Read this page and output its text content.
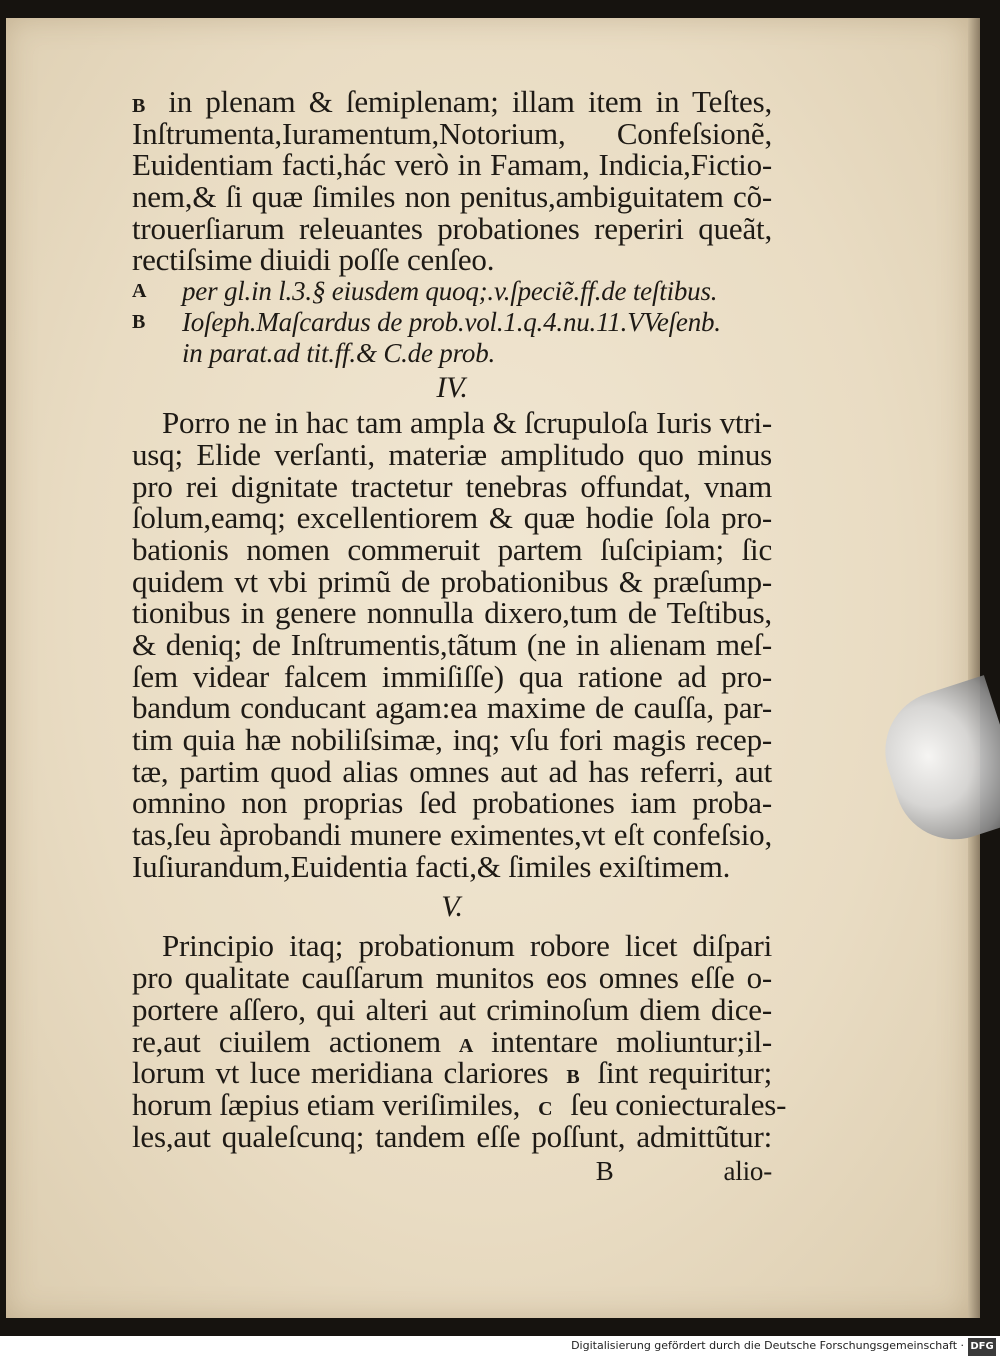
B in plenam & ſemiplenam; illam item in Teſtes,
Inſtrumenta,Iuramentum,Notorium, Confeſsionẽ,
Euidentiam facti,hác verò in Famam, Indicia,Fictio-
nem,& ſi quæ ſimiles non penitus,ambiguitatem cõ-
trouerſiarum releuantes probationes reperiri queãt,
rectiſsime diuidi poſſe cenſeo.
A	per gl.in l.3.§ eiusdem quoq;.v.ſpeciẽ.ff.de teſtibus.
B	Ioſeph.Maſcardus de prob.vol.1.q.4.nu.11.VVeſenb.
in parat.ad tit.ff.& C.de prob.
IV.
Porro ne in hac tam ampla & ſcrupuloſa Iuris vtri-
usq; Elide verſanti, materiæ amplitudo quo minus
pro rei dignitate tractetur tenebras offundat, vnam
ſolum,eamq; excellentiorem & quæ hodie ſola pro-
bationis nomen commeruit partem ſuſcipiam; ſic
quidem vt vbi primũ de probationibus & præſump-
tionibus in genere nonnulla dixero,tum de Teſtibus,
& deniq; de Inſtrumentis,tãtum (ne in alienam meſ-
ſem videar falcem immiſiſſe) qua ratione ad pro-
bandum conducant agam:ea maxime de cauſſa, par-
tim quia hæ nobiliſsimæ, inq; vſu fori magis recep-
tæ, partim quod alias omnes aut ad has referri, aut
omnino non proprias ſed probationes iam proba-
tas,ſeu àprobandi munere eximentes,vt eſt confeſsio,
Iuſiurandum,Euidentia facti,& ſimiles exiſtimem.
V.
Principio itaq; probationum robore licet diſpari
pro qualitate cauſſarum munitos eos omnes eſſe o-
portere aſſero, qui alteri aut criminoſum diem dice-
re,aut ciuilem actionem A intentare moliuntur;il-
lorum vt luce meridiana clariores B ſint requiritur;
horum ſæpius etiam veriſimiles, C ſeu coniecturales-
les,aut qualeſcunq; tandem eſſe poſſunt, admittũtur:
B	alio-
Digitalisierung gefördert durch die Deutsche Forschungsgemeinschaft · DFG
